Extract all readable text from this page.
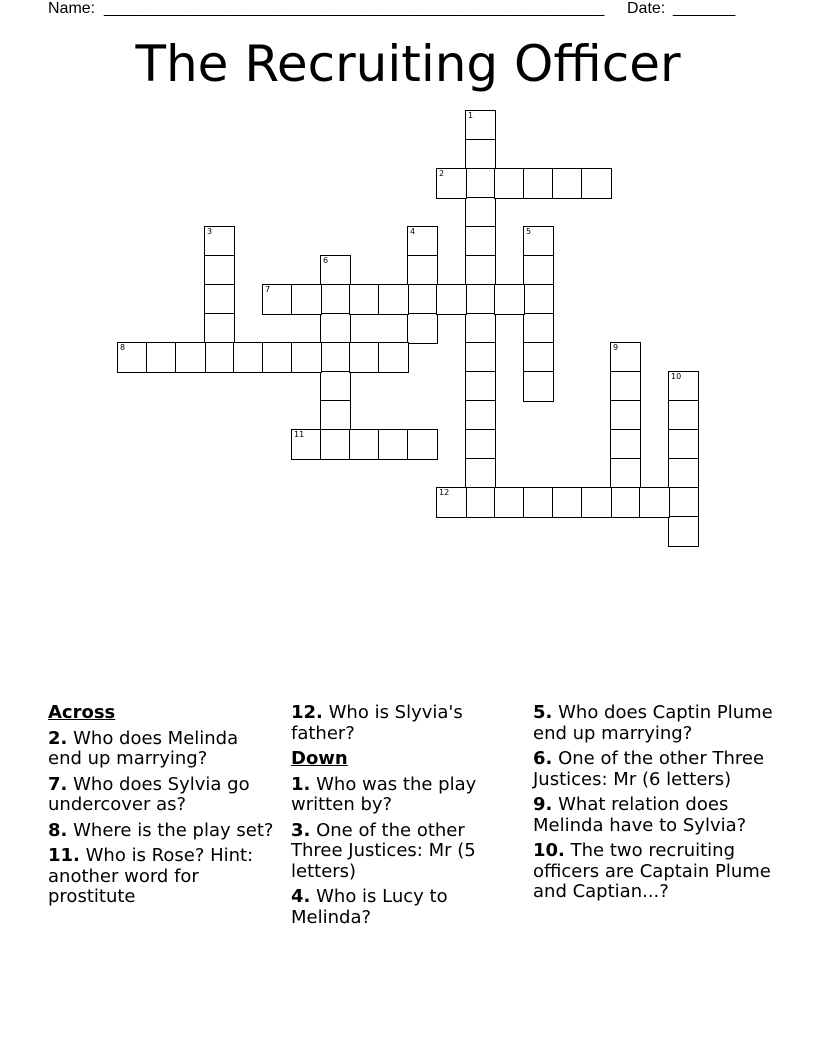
Name: _______________________________________________________ Date: _______
The Recruiting Officer
1
2
3	4	5
6
7
8	9
10
11
12
Across
2. Who does Melinda end up marrying?
7. Who does Sylvia go undercover as?
8. Where is the play set?
11. Who is Rose? Hint: another word for prostitute
12. Who is Slyvia's father?
Down
1. Who was the play written by?
3. One of the other Three Justices: Mr (5 letters)
4. Who is Lucy to Melinda?
5. Who does Captin Plume end up marrying?
6. One of the other Three Justices: Mr (6 letters)
9. What relation does Melinda have to Sylvia?
10. The two recruiting officers are Captain Plume and Captian...?
